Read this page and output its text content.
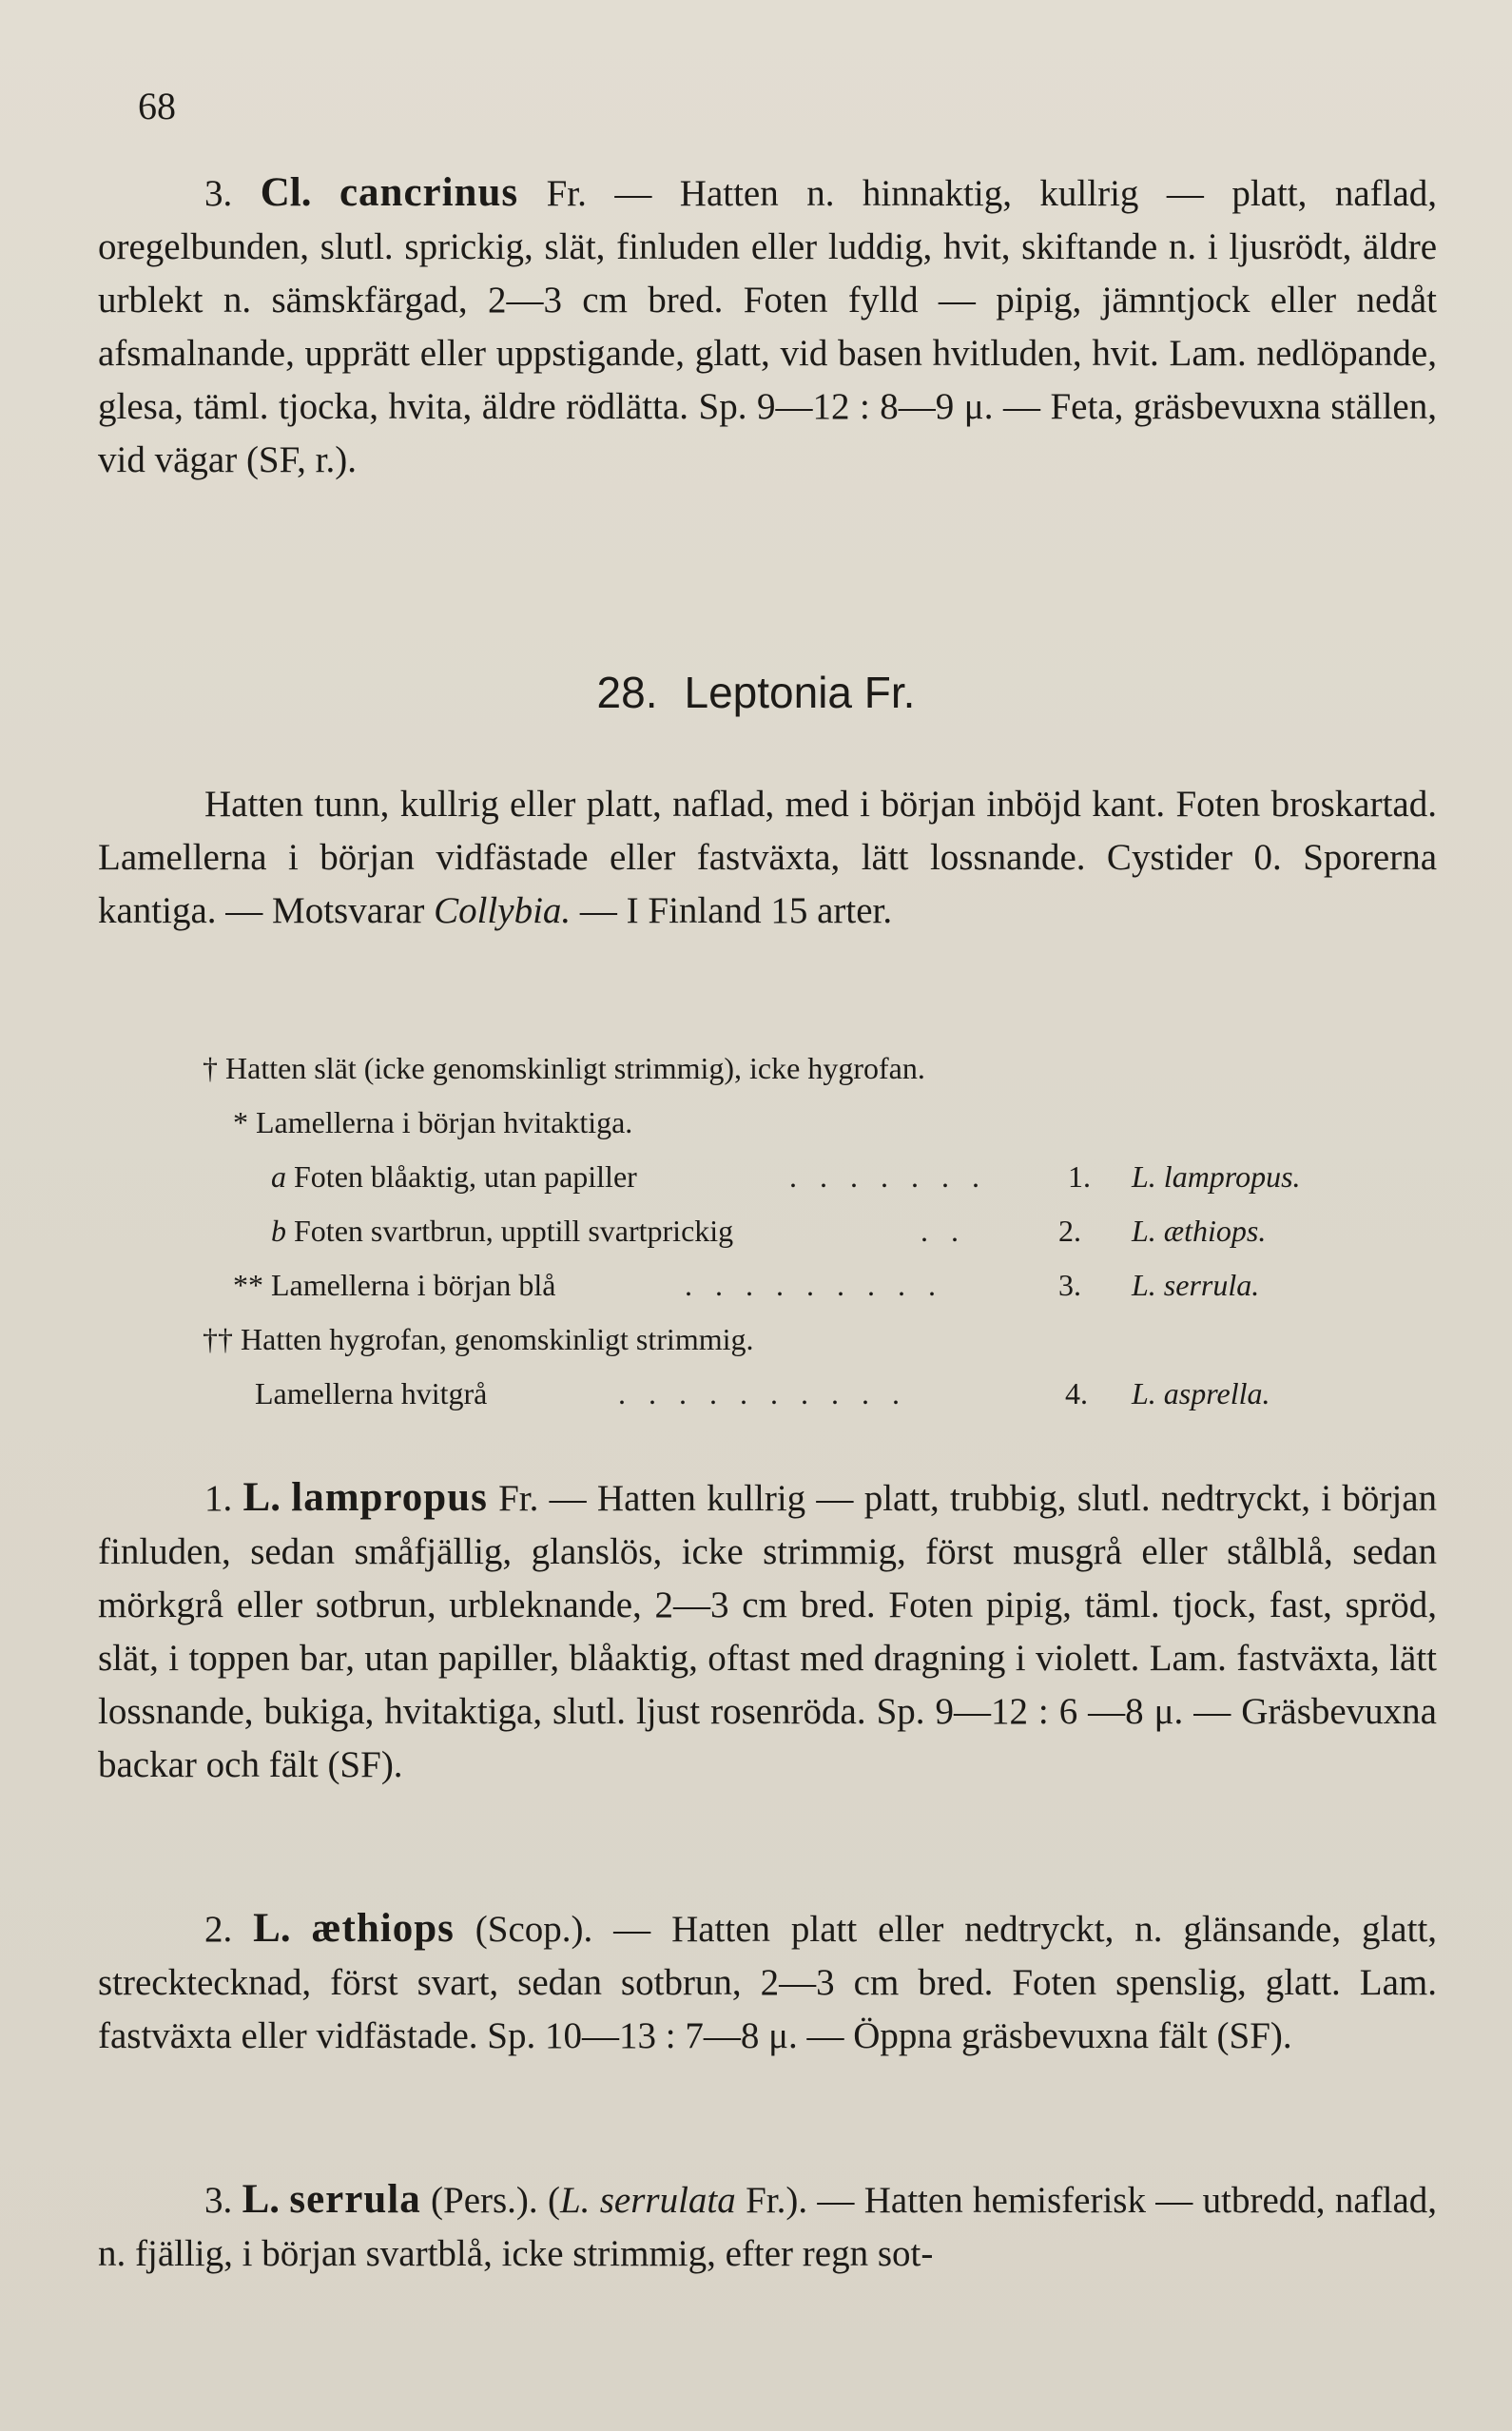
68

3. Cl. cancrinus Fr. — Hatten n. hinnaktig, kullrig — platt, naflad, oregelbunden, slutl. sprickig, slät, finluden eller luddig, hvit, skiftande n. i ljusrödt, äldre urblekt n. sämskfärgad, 2—3 cm bred. Foten fylld — pipig, jämntjock eller nedåt afsmalnande, upprätt eller uppstigande, glatt, vid basen hvitluden, hvit. Lam. nedlöpande, glesa, täml. tjocka, hvita, äldre rödlätta. Sp. 9—12 : 8—9 μ. — Feta, gräsbevuxna ställen, vid vägar (SF, r.).

28. Leptonia Fr.

Hatten tunn, kullrig eller platt, naflad, med i början inböjd kant. Foten broskartad. Lamellerna i början vidfästade eller fastväxta, lätt lossnande. Cystider 0. Sporerna kantiga. — Motsvarar Collybia. — I Finland 15 arter.

† Hatten slät (icke genomskinligt strimmig), icke hygrofan.
* Lamellerna i början hvitaktiga.
a Foten blåaktig, utan papiller	. . . . . . .	1. L. lampropus.
b Foten svartbrun, upptill svartprickig	. .	2. L. æthiops.
** Lamellerna i början blå	. . . . . . . . .	3. L. serrula.
†† Hatten hygrofan, genomskinligt strimmig.
Lamellerna hvitgrå	. . . . . . . . . .	4. L. asprella.

1. L. lampropus Fr. — Hatten kullrig — platt, trubbig, slutl. nedtryckt, i början finluden, sedan småfjällig, glanslös, icke strimmig, först musgrå eller stålblå, sedan mörkgrå eller sotbrun, urbleknande, 2—3 cm bred. Foten pipig, täml. tjock, fast, spröd, slät, i toppen bar, utan papiller, blåaktig, oftast med dragning i violett. Lam. fastväxta, lätt lossnande, bukiga, hvitaktiga, slutl. ljust rosenröda. Sp. 9—12 : 6 —8 μ. — Gräsbevuxna backar och fält (SF).

2. L. æthiops (Scop.). — Hatten platt eller nedtryckt, n. glänsande, glatt, strecktecknad, först svart, sedan sotbrun, 2—3 cm bred. Foten spenslig, glatt. Lam. fastväxta eller vidfästade. Sp. 10—13 : 7—8 μ. — Öppna gräsbevuxna fält (SF).

3. L. serrula (Pers.). (L. serrulata Fr.). — Hatten hemisferisk — utbredd, naflad, n. fjällig, i början svartblå, icke strimmig, efter regn sot-
